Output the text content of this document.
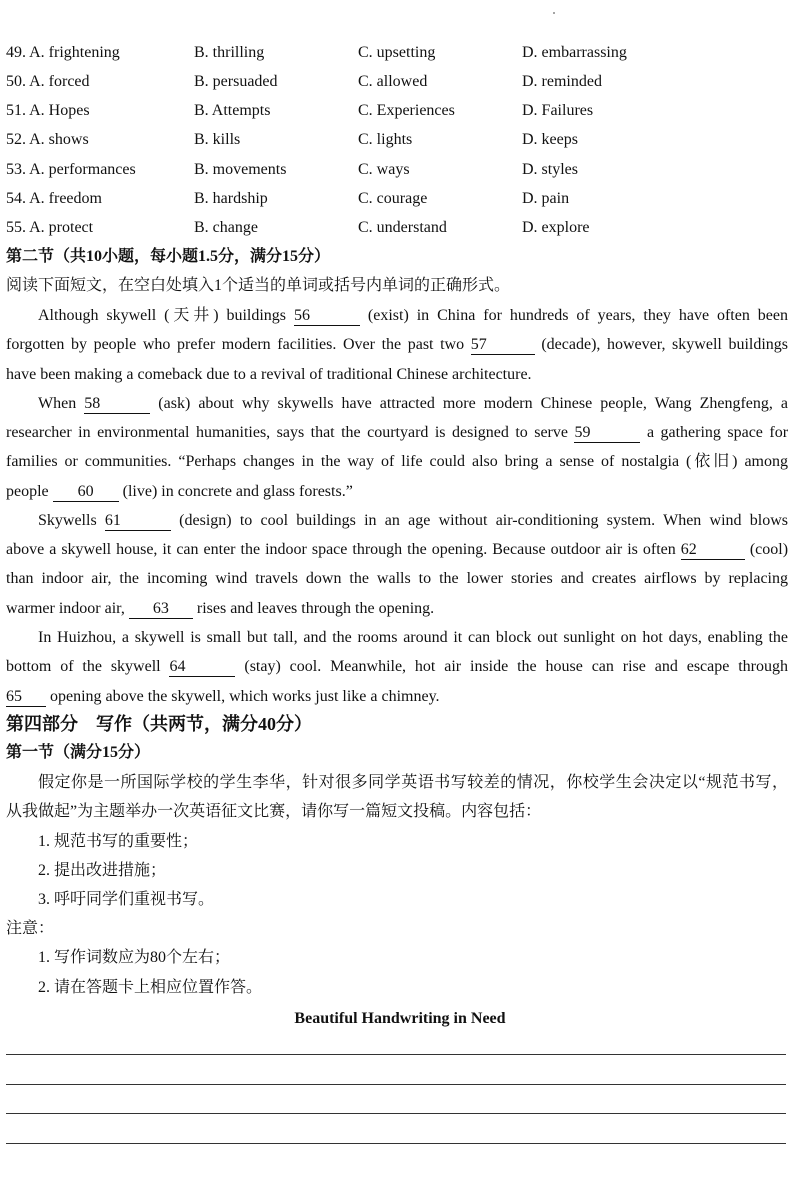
49. A. frightening	B. thrilling	C. upsetting	D. embarrassing
50. A. forced	B. persuaded	C. allowed	D. reminded
51. A. Hopes	B. Attempts	C. Experiences	D. Failures
52. A. shows	B. kills	C. lights	D. keeps
53. A. performances	B. movements	C. ways	D. styles
54. A. freedom	B. hardship	C. courage	D. pain
55. A. protect	B. change	C. understand	D. explore
第二节（共10小题，每小题1.5分，满分15分）
阅读下面短文，在空白处填入1个适当的单词或括号内单词的正确形式。
Although skywell (天井) buildings 56	(exist) in China for hundreds of years, they have often been
forgotten by people who prefer modern facilities. Over the past two 57	(decade), however, skywell buildings
have been making a comeback due to a revival of traditional Chinese architecture.
When 58	(ask) about why skywells have attracted more modern Chinese people, Wang Zhengfeng, a
researcher in environmental humanities, says that the courtyard is designed to serve 59	a gathering space for
families or communities. “Perhaps changes in the way of life could also bring a sense of nostalgia (依旧) among
people 60 (live) in concrete and glass forests.”
Skywells 61	(design) to cool buildings in an age without air-conditioning system. When wind blows
above a skywell house, it can enter the indoor space through the opening. Because outdoor air is often 62	(cool)
than indoor air, the incoming wind travels down the walls to the lower stories and creates airflows by replacing
warmer indoor air, 63 rises and leaves through the opening.
In Huizhou, a skywell is small but tall, and the rooms around it can block out sunlight on hot days, enabling the
bottom of the skywell 64	(stay) cool. Meanwhile, hot air inside the house can rise and escape through
65 opening above the skywell, which works just like a chimney.
第四部分　写作（共两节，满分40分）
第一节（满分15分）
假定你是一所国际学校的学生李华，针对很多同学英语书写较差的情况，你校学生会决定以“规范书写，
从我做起”为主题举办一次英语征文比赛，请你写一篇短文投稿。内容包括：
1. 规范书写的重要性；
2. 提出改进措施；
3. 呼吁同学们重视书写。
注意：
1. 写作词数应为80个左右；
2. 请在答题卡上相应位置作答。
Beautiful Handwriting in Need
